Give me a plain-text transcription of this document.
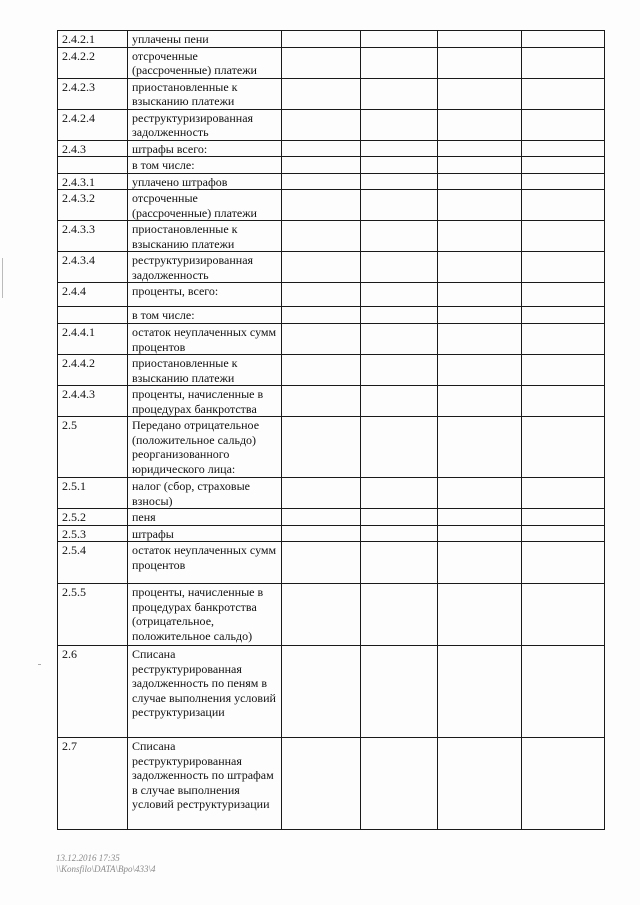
2.4.2.1	уплачены пени				
2.4.2.2	отсроченные (рассроченные) платежи				
2.4.2.3	приостановленные к взысканию платежи				
2.4.2.4	реструктуризированная задолженность				
2.4.3	штрафы всего:				
	в том числе:				
2.4.3.1	уплачено штрафов				
2.4.3.2	отсроченные (рассроченные) платежи				
2.4.3.3	приостановленные к взысканию платежи				
2.4.3.4	реструктуризированная задолженность				
2.4.4	проценты, всего:				
	в том числе:				
2.4.4.1	остаток неуплаченных сумм процентов				
2.4.4.2	приостановленные к взысканию платежи				
2.4.4.3	проценты, начисленные в процедурах банкротства				
2.5	Передано отрицательное (положительное сальдо) реорганизованного юридического лица:				
2.5.1	налог (сбор, страховые взносы)				
2.5.2	пеня				
2.5.3	штрафы				
2.5.4	остаток неуплаченных сумм процентов				
2.5.5	проценты, начисленные в процедурах банкротства (отрицательное, положительное сальдо)				
2.6	Списана реструктурированная задолженность по пеням в случае выполнения условий реструктуризации				
2.7	Списана реструктурированная задолженность по штрафам в случае выполнения условий реструктуризации				
13.12.2016 17:35
\\Konsfilo\DATA\Bpo\433\4
